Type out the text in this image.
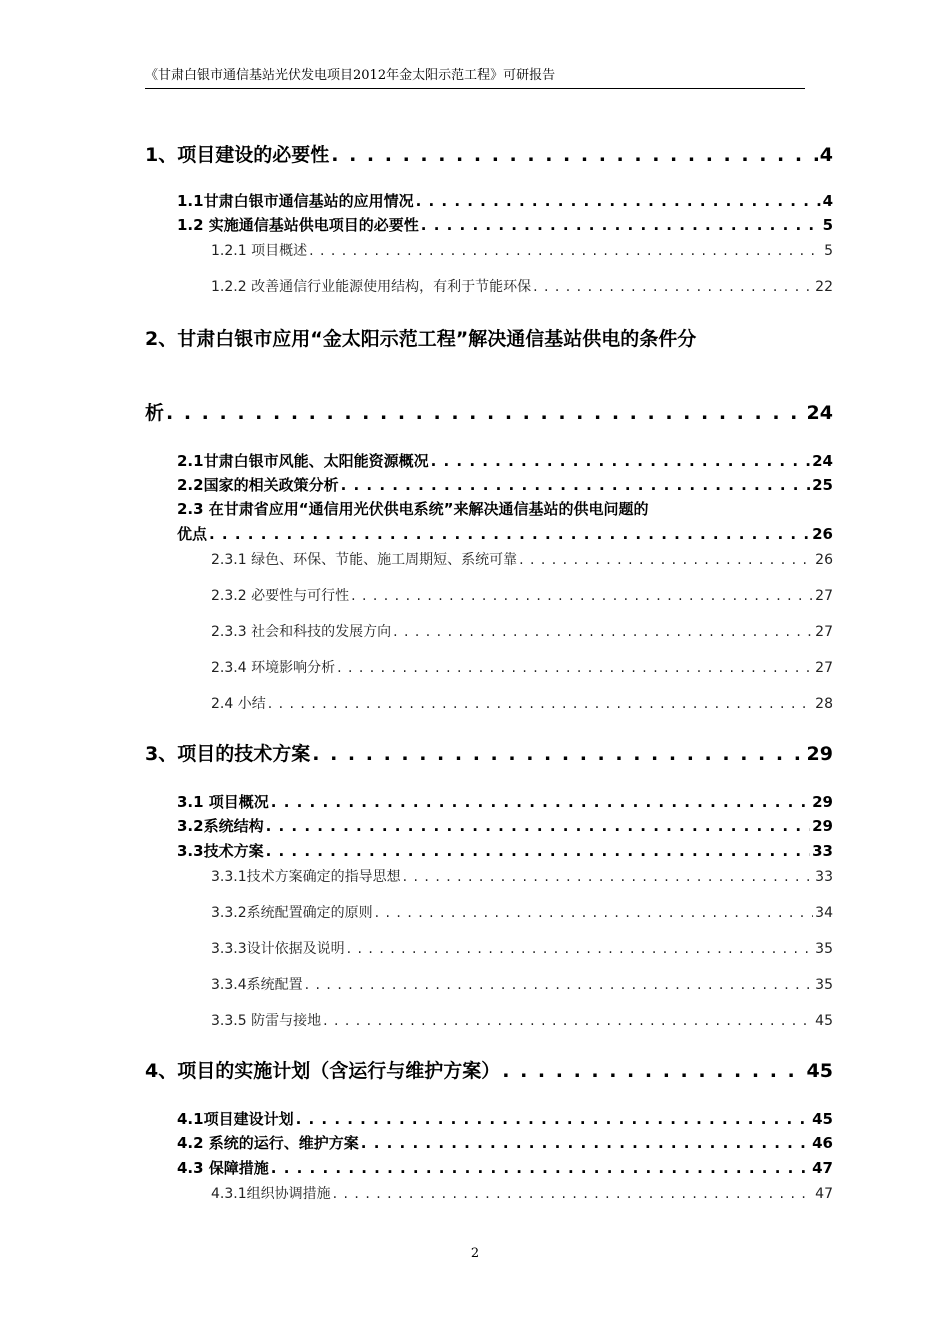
《甘肃白银市通信基站光伏发电项目2012年金太阳示范工程》可研报告
1、项目建设的必要性 . . .	4
1.1甘肃白银市通信基站的应用情况 . . .	4
1.2 实施通信基站供电项目的必要性 . . .	5
1.2.1 项目概述 . . .	5
1.2.2 改善通信行业能源使用结构，有利于节能环保 . . .	22
2、甘肃白银市应用“金太阳示范工程”解决通信基站供电的条件分
析 . . .	24
2.1甘肃白银市风能、太阳能资源概况 . . .	24
2.2国家的相关政策分析 . . .	25
2.3 在甘肃省应用“通信用光伏供电系统”来解决通信基站的供电问题的
优点 . . .	26
2.3.1 绿色、环保、节能、施工周期短、系统可靠 . . .	26
2.3.2 必要性与可行性 . . .	27
2.3.3 社会和科技的发展方向 . . .	27
2.3.4 环境影响分析 . . .	27
2.4 小结 . . .	28
3、项目的技术方案 . . .	29
3.1 项目概况 . . .	29
3.2系统结构 . . .	29
3.3技术方案 . . .	33
3.3.1技术方案确定的指导思想 . . .	33
3.3.2系统配置确定的原则 . . .	34
3.3.3设计依据及说明 . . .	35
3.3.4系统配置 . . .	35
3.3.5 防雷与接地 . . .	45
4、项目的实施计划（含运行与维护方案） . . .	45
4.1项目建设计划 . . .	45
4.2 系统的运行、维护方案 . . .	46
4.3 保障措施 . . .	47
4.3.1组织协调措施 . . .	47
2
